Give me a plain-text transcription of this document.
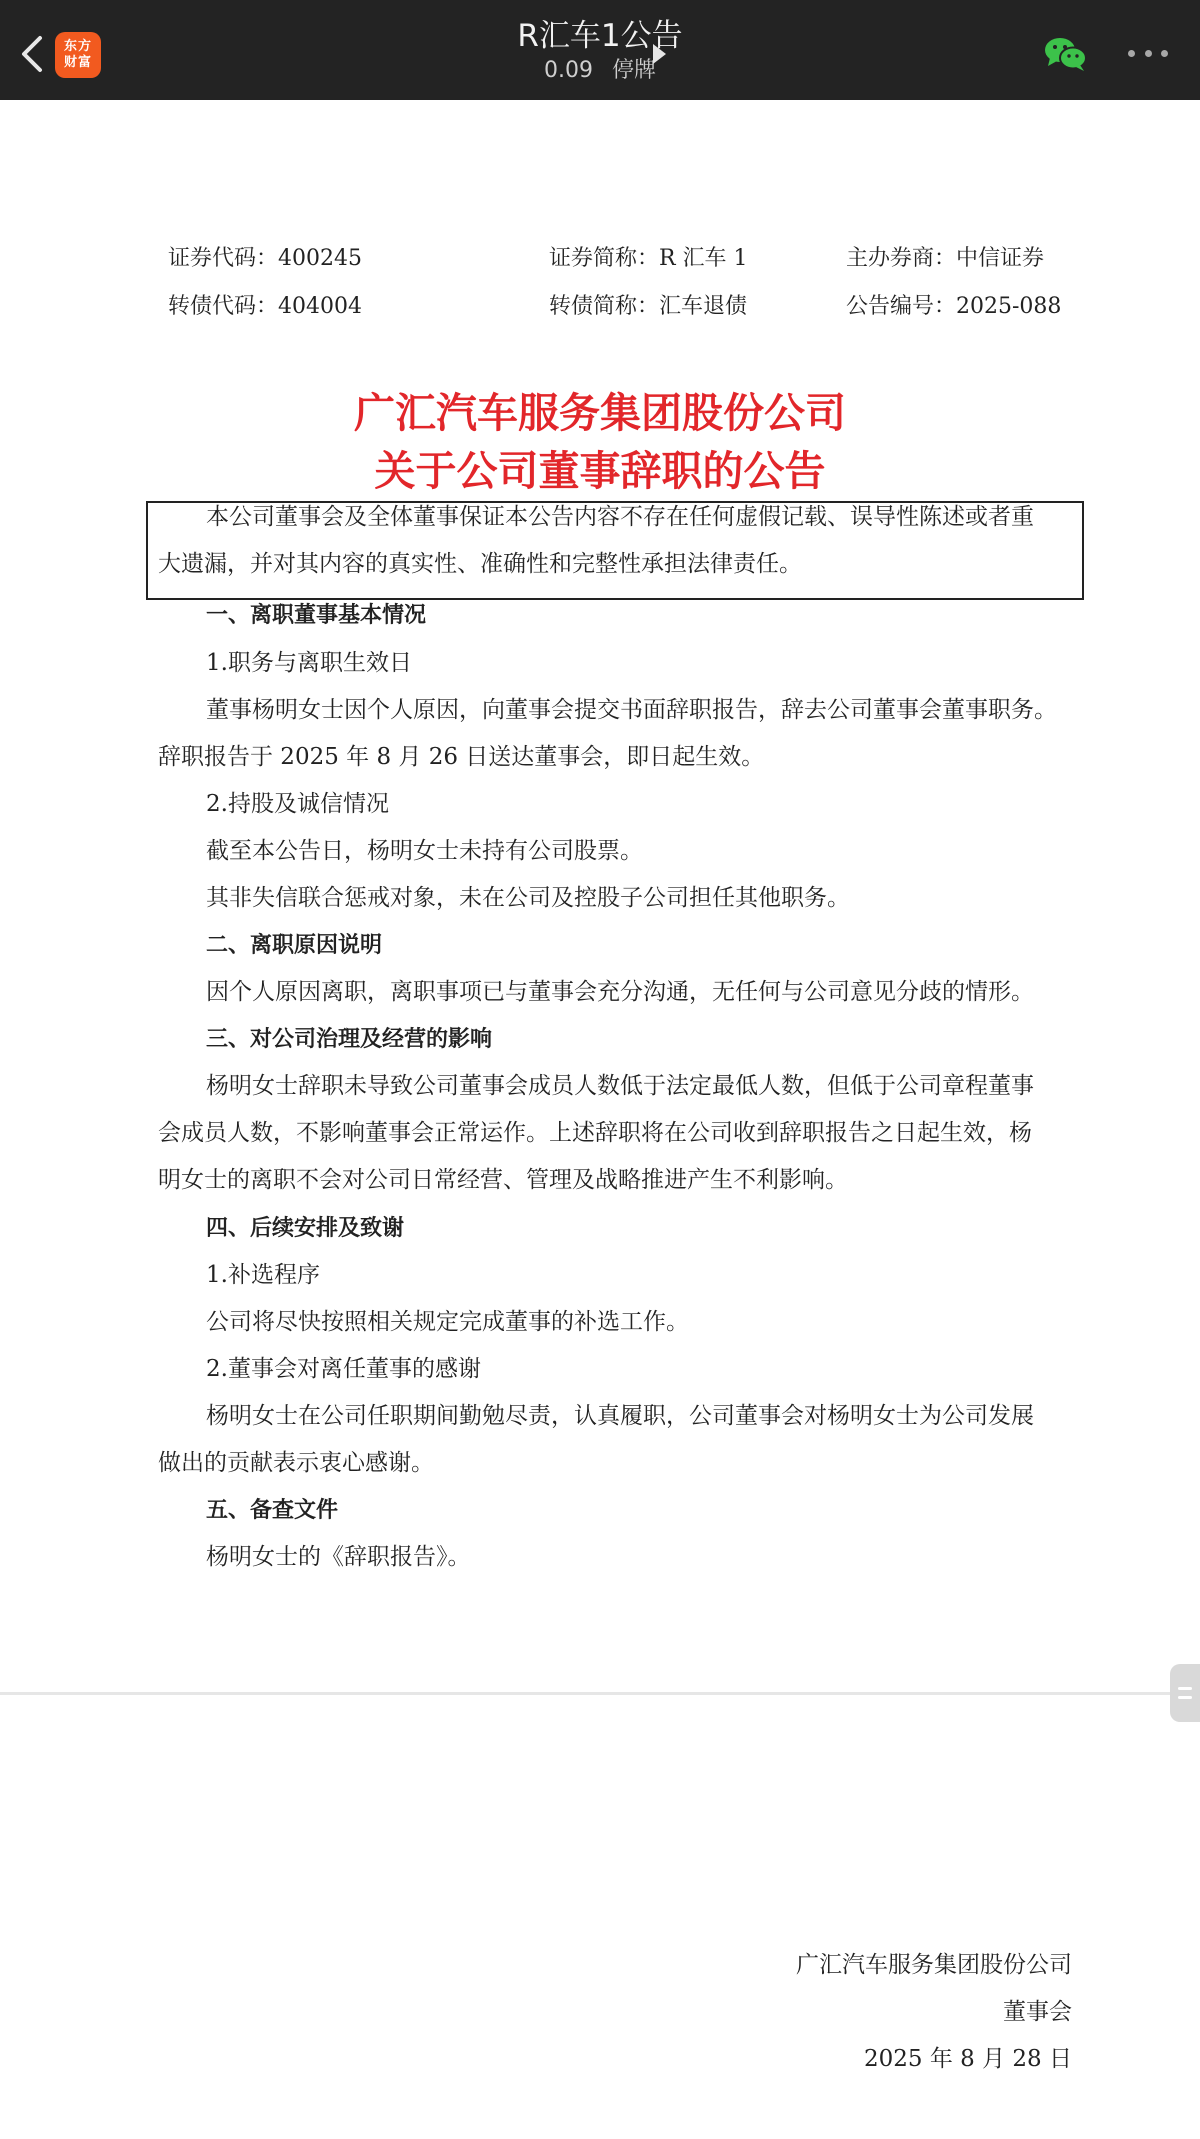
东方
财富
R汇车1公告
0.09 停牌
证券代码：400245	证券简称：R 汇车 1	主办券商：中信证券
转债代码：404004	转债简称：汇车退债	公告编号：2025-088
广汇汽车服务集团股份公司
关于公司董事辞职的公告
本公司董事会及全体董事保证本公告内容不存在任何虚假记载、误导性陈述或者重
大遗漏，并对其内容的真实性、准确性和完整性承担法律责任。
一、离职董事基本情况
1.职务与离职生效日
董事杨明女士因个人原因，向董事会提交书面辞职报告，辞去公司董事会董事职务。
辞职报告于 2025 年 8 月 26 日送达董事会，即日起生效。
2.持股及诚信情况
截至本公告日，杨明女士未持有公司股票。
其非失信联合惩戒对象，未在公司及控股子公司担任其他职务。
二、离职原因说明
因个人原因离职，离职事项已与董事会充分沟通，无任何与公司意见分歧的情形。
三、对公司治理及经营的影响
杨明女士辞职未导致公司董事会成员人数低于法定最低人数，但低于公司章程董事
会成员人数，不影响董事会正常运作。上述辞职将在公司收到辞职报告之日起生效，杨
明女士的离职不会对公司日常经营、管理及战略推进产生不利影响。
四、后续安排及致谢
1.补选程序
公司将尽快按照相关规定完成董事的补选工作。
2.董事会对离任董事的感谢
杨明女士在公司任职期间勤勉尽责，认真履职，公司董事会对杨明女士为公司发展
做出的贡献表示衷心感谢。
五、备查文件
杨明女士的《辞职报告》。
广汇汽车服务集团股份公司
董事会
2025 年 8 月 28 日
